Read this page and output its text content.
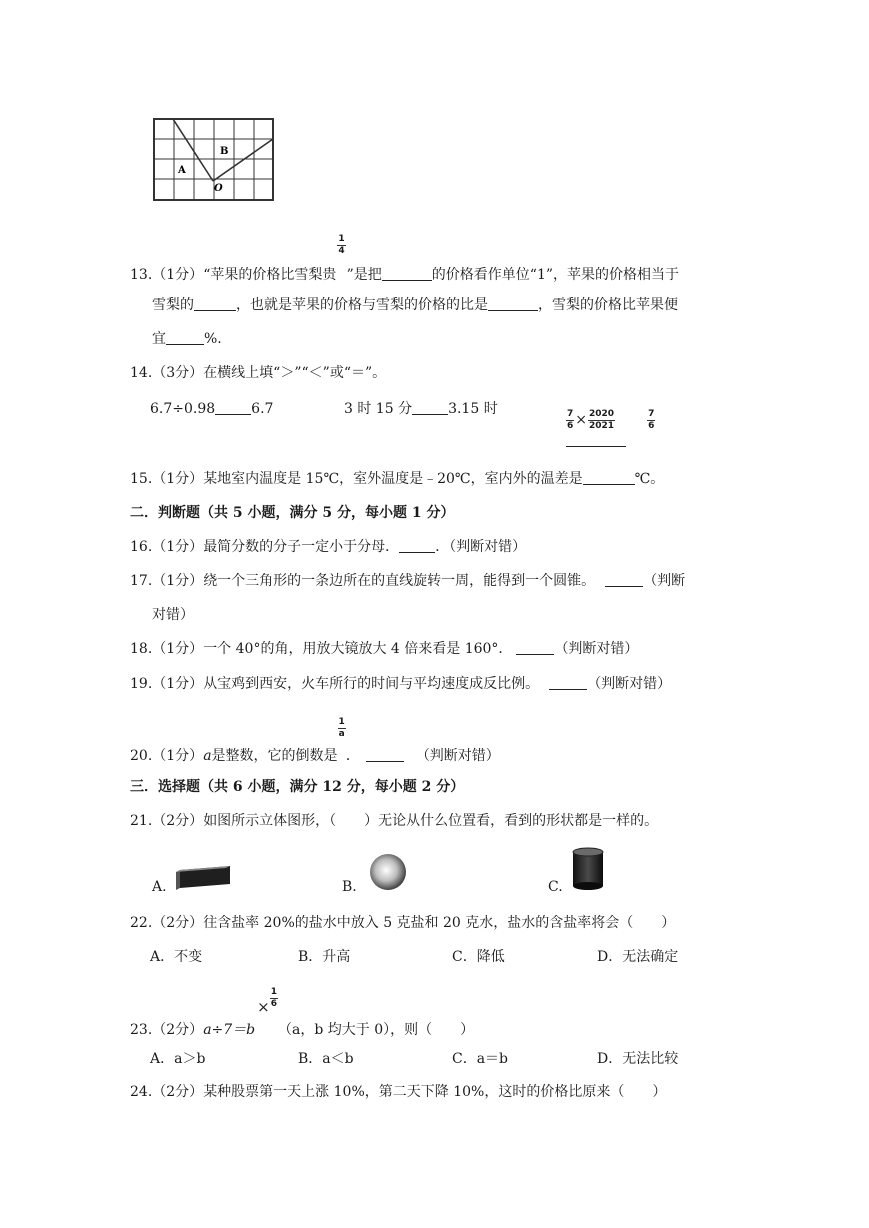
A
B
O
13.（1分）“苹果的价格比雪梨贵
$\frac{1}{4}$
”是把	的价格看作单位“1”，苹果的价格相当于
雪梨的	，也就是苹果的价格与雪梨的价格的比是	，雪梨的价格比苹果便
宜	%.
14.（3分）在横线上填“＞”“＜”或“＝”。
6.7÷0.98	6.7	3 时 15 分	3.15 时
$\frac{7}{6} \times \frac{2020}{2021}$	$\frac{7}{6}$
15.（1分）某地室内温度是 15℃，室外温度是﹣20℃，室内外的温差是	℃。
二．判断题（共 5 小题，满分 5 分，每小题 1 分）
16.（1分）最简分数的分子一定小于分母．	．（判断对错）
17.（1分）绕一个三角形的一条边所在的直线旋转一周，能得到一个圆锥。	（判断
对错）
18.（1分）一个 40°的角，用放大镜放大 4 倍来看是 160°．	（判断对错）
19.（1分）从宝鸡到西安，火车所行的时间与平均速度成反比例。	（判断对错）
20.（1分）a是整数，它的倒数是
$\frac{1}{a}$
．	（判断对错）
三．选择题（共 6 小题，满分 12 分，每小题 2 分）
21.（2分）如图所示立体图形，（　　）无论从什么位置看，看到的形状都是一样的。
A.	B.	C.
22.（2分）往含盐率 20%的盐水中放入 5 克盐和 20 克水，盐水的含盐率将会（　　）
A．不变	B．升高	C．降低	D．无法确定
23.（2分）$a\div 7=b\times \frac{1}{6}$
（a，b 均大于 0），则（　　）
A．a＞b	B．a＜b	C．a＝b	D．无法比较
24.（2分）某种股票第一天上涨 10%，第二天下降 10%，这时的价格比原来（　　）
